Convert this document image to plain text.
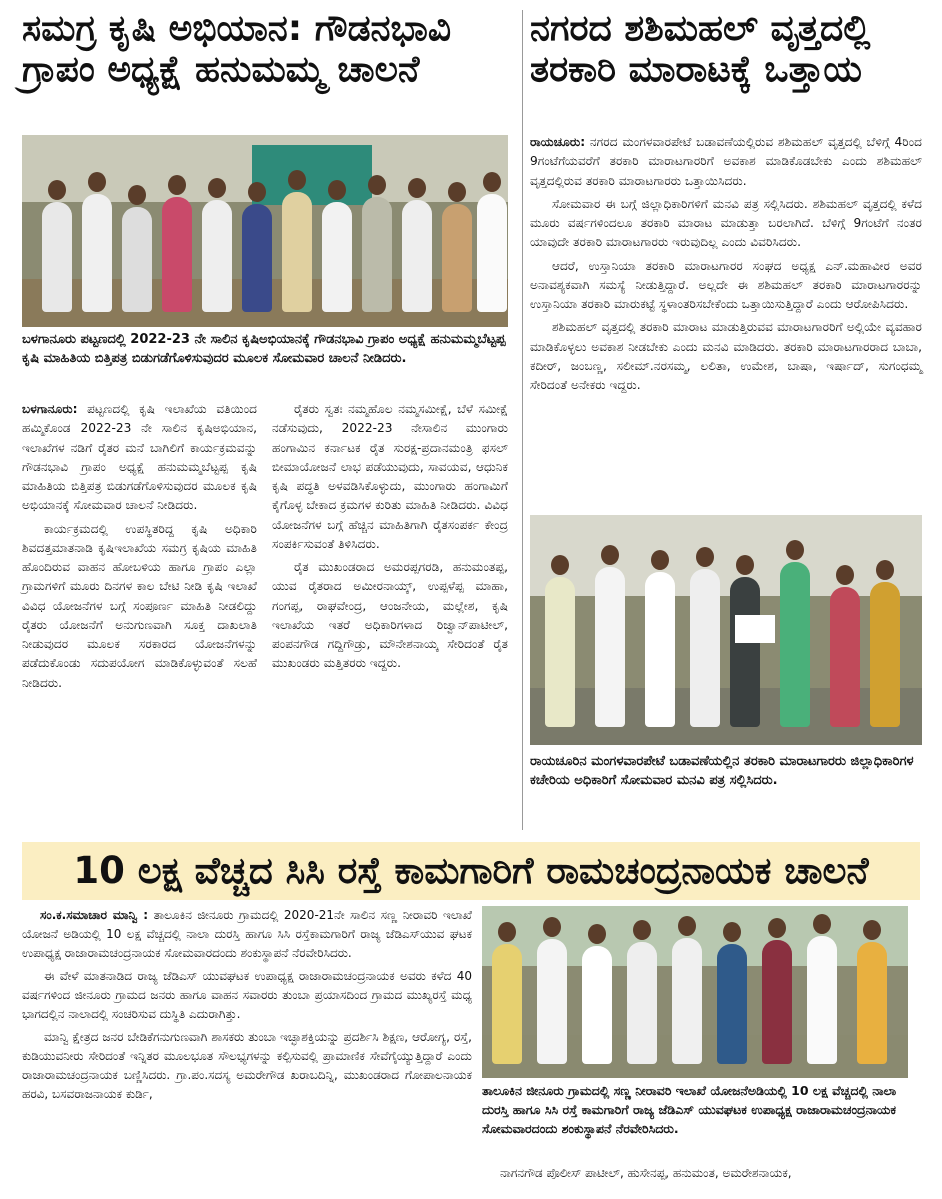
ಸಮಗ್ರ ಕೃಷಿ ಅಭಿಯಾನ: ಗೌಡನಭಾವಿ ಗ್ರಾಪಂ ಅಧ್ಯಕ್ಷೆ ಹನುಮಮ್ಮ ಚಾಲನೆ
ನಗರದ ಶಶಿಮಹಲ್ ವೃತ್ತದಲ್ಲಿ ತರಕಾರಿ ಮಾರಾಟಕ್ಕೆ ಒತ್ತಾಯ
ಬಳಗಾನೂರು ಪಟ್ಟಣದಲ್ಲಿ 2022-23 ನೇ ಸಾಲಿನ ಕೃಷಿಅಭಿಯಾನಕ್ಕೆ ಗೌಡನಭಾವಿ ಗ್ರಾಪಂ ಅಧ್ಯಕ್ಷೆ ಹನುಮಮ್ಮಬೆಟ್ಟಪ್ಪ ಕೃಷಿ ಮಾಹಿತಿಯ ಬಿತ್ತಿಪತ್ರ ಬಿಡುಗಡೆಗೊಳಿಸುವುದರ ಮೂಲಕ ಸೋಮವಾರ ಚಾಲನೆ ನೀಡಿದರು.

ಬಳಗಾನೂರು: ಪಟ್ಟಣದಲ್ಲಿ ಕೃಷಿ ಇಲಾಖೆಯ ವತಿಯಿಂದ ಹಮ್ಮಿಕೊಂಡ 2022-23 ನೇ ಸಾಲಿನ ಕೃಷಿಅಭಿಯಾನ, ಇಲಾಖೆಗಳ ನಡಿಗೆ ರೈತರ ಮನೆ ಬಾಗಿಲಿಗೆ ಕಾರ್ಯಕ್ರಮವನ್ನು ಗೌಡನಭಾವಿ ಗ್ರಾಪಂ ಅಧ್ಯಕ್ಷೆ ಹನುಮಮ್ಮಬೆಟ್ಟಪ್ಪ ಕೃಷಿ ಮಾಹಿತಿಯ ಬಿತ್ತಿಪತ್ರ ಬಿಡುಗಡೆಗೊಳಿಸುವುದರ ಮೂಲಕ ಕೃಷಿ ಅಭಿಯಾನಕ್ಕೆ ಸೋಮವಾರ ಚಾಲನೆ ನೀಡಿದರು.

ಕಾರ್ಯಕ್ರಮದಲ್ಲಿ ಉಪಸ್ಥಿತರಿದ್ದ ಕೃಷಿ ಅಧಿಕಾರಿ ಶಿವದತ್ತಮಾತನಾಡಿ ಕೃಷಿಇಲಾಖೆಯ ಸಮಗ್ರ ಕೃಷಿಯ ಮಾಹಿತಿ ಹೊಂದಿರುವ ವಾಹನ ಹೋಬಳಿಯ ಹಾಗೂ ಗ್ರಾಪಂ ಎಲ್ಲಾ ಗ್ರಾಮಗಳಿಗೆ ಮೂರು ದಿನಗಳ ಕಾಲ ಬೇಟಿ ನೀಡಿ ಕೃಷಿ ಇಲಾಖೆ ವಿವಿಧ ಯೋಜನೆಗಳ ಬಗ್ಗೆ ಸಂಪೂರ್ಣ ಮಾಹಿತಿ ನೀಡಲಿದ್ದು ರೈತರು ಯೋಜನೆಗೆ ಅನುಗುಣವಾಗಿ ಸೂಕ್ತ ದಾಖಲಾತಿ ನೀಡುವುದರ ಮೂಲಕ ಸರಕಾರದ ಯೋಜನೆಗಳನ್ನು ಪಡೆದುಕೊಂಡು ಸದುಪಯೋಗ ಮಾಡಿಕೊಳ್ಳುವಂತೆ ಸಲಹೆ ನೀಡಿದರು.

ರೈತರು ಸ್ವತಃ ನಮ್ಮಹೊಲ ನಮ್ಮಸಮೀಕ್ಷೆ, ಬೆಳೆ ಸಮೀಕ್ಷೆ ನಡೆಸುವುದು, 2022-23 ನೇಸಾಲಿನ ಮುಂಗಾರು ಹಂಗಾಮಿನ ಕರ್ನಾಟಕ ರೈತ ಸುರಕ್ಷ-ಪ್ರದಾನಮಂತ್ರಿ ಫಸಲ್ ಬೀಮಾಯೋಜನೆ ಲಾಭ ಪಡೆಯುವುದು, ಸಾವಯವ, ಆಧುನಿಕ ಕೃಷಿ ಪದ್ಧತಿ ಅಳವಡಿಸಿಕೊಳ್ಳುದು, ಮುಂಗಾರು ಹಂಗಾಮಿಗೆ ಕೈಗೊಳ್ಳ ಬೇಕಾದ ಕ್ರಮಗಳ ಕುರಿತು ಮಾಹಿತಿ ನೀಡಿದರು. ವಿವಿಧ ಯೋಜನೆಗಳ ಬಗ್ಗೆ ಹೆಚ್ಚಿನ ಮಾಹಿತಿಗಾಗಿ ರೈತಸಂಪರ್ಕ ಕೇಂದ್ರ ಸಂಪರ್ಕಿಸುವಂತೆ ತಿಳಿಸಿದರು.

ರೈತ ಮುಖಂಡರಾದ ಅಮರಪ್ಪಗರಡಿ, ಹನುಮಂತಪ್ಪ, ಯುವ ರೈತರಾದ ಅಮೀರನಾಯ್ಕ್, ಉಪ್ಪಳೆಪ್ಪ ಮಾಹಾ, ಗಂಗಪ್ಪ, ರಾಘವೇಂದ್ರ, ಆಂಜನೇಯ, ಮಲ್ಲೇಶ, ಕೃಷಿ ಇಲಾಖೆಯ ಇತರೆ ಅಧಿಕಾರಿಗಳಾದ ರಿಜ್ವಾನ್‌ಪಾಟೀಲ್, ಪಂಪನಗೌಡ ಗದ್ದಿಗೌಡ್ರು, ಮೌನೇಶನಾಯ್ಕ ಸೇರಿದಂತೆ ರೈತ ಮುಖಂಡರು ಮತ್ತಿತರರು ಇದ್ದರು.

ರಾಯಚೂರು: ನಗರದ ಮಂಗಳವಾರಪೇಟೆ ಬಡಾವಣೆಯಲ್ಲಿರುವ ಶಶಿಮಹಲ್ ವೃತ್ತದಲ್ಲಿ ಬೆಳಿಗ್ಗೆ 4ರಿಂದ 9ಗಂಟೆಗೆಯವರೆಗೆ ತರಕಾರಿ ಮಾರಾಟಗಾರರಿಗೆ ಅವಕಾಶ ಮಾಡಿಕೊಡಬೇಕು ಎಂದು ಶಶಿಮಹಲ್ ವೃತ್ತದಲ್ಲಿರುವ ತರಕಾರಿ ಮಾರಾಟಗಾರರು ಒತ್ತಾಯಿಸಿದರು.

ಸೋಮವಾರ ಈ ಬಗ್ಗೆ ಜಿಲ್ಲಾಧಿಕಾರಿಗಳಿಗೆ ಮನವಿ ಪತ್ರ ಸಲ್ಲಿಸಿದರು. ಶಶಿಮಹಲ್ ವೃತ್ತದಲ್ಲಿ ಕಳೆದ ಮೂರು ವರ್ಷಗಳಿಂದಲೂ ತರಕಾರಿ ಮಾರಾಟ ಮಾಡುತ್ತಾ ಬರಲಾಗಿದೆ. ಬೆಳಿಗ್ಗೆ 9ಗಂಟೆಗೆ ನಂತರ ಯಾವುದೇ ತರಕಾರಿ ಮಾರಾಟಗಾರರು ಇರುವುದಿಲ್ಲ ಎಂದು ವಿವರಿಸಿದರು.

ಆದರೆ, ಉಸ್ತಾನಿಯಾ ತರಕಾರಿ ಮಾರಾಟಗಾರರ ಸಂಘದ ಅಧ್ಯಕ್ಷ ಎನ್.ಮಹಾವೀರ ಅವರ ಅನಾವಶ್ಯಕವಾಗಿ ಸಮಸ್ಯೆ ನೀಡುತ್ತಿದ್ದಾರೆ. ಅಲ್ಲದೇ ಈ ಶಶಿಮಹಲ್ ತರಕಾರಿ ಮಾರಾಟಗಾರರನ್ನು ಉಸ್ತಾನಿಯಾ ತರಕಾರಿ ಮಾರುಕಟ್ಟೆ ಸ್ಥಳಾಂತರಿಸಬೇಕೆಂದು ಒತ್ತಾಯಿಸುತ್ತಿದ್ದಾರೆ ಎಂದು ಆರೋಪಿಸಿದರು.

ಶಶಿಮಹಲ್ ವೃತ್ತದಲ್ಲಿ ತರಕಾರಿ ಮಾರಾಟ ಮಾಡುತ್ತಿರುವವ ಮಾರಾಟಗಾರರಿಗೆ ಅಲ್ಲಿಯೇ ವ್ಯವಹಾರ ಮಾಡಿಕೊಳ್ಳಲು ಅವಕಾಶ ನೀಡಬೇಕು ಎಂದು ಮನವಿ ಮಾಡಿದರು. ತರಕಾರಿ ಮಾರಾಟಗಾರರಾದ ಬಾಬಾ, ಕದೀರ್, ಜಂಬಣ್ಣ, ಸಲೀಮ್.ನರಸಮ್ಮ, ಲಲಿತಾ, ಉಮೇಶ, ಬಾಷಾ, ಇರ್ಷಾದ್, ಸುಗಂಧಮ್ಮ ಸೇರಿದಂತೆ ಅನೇಕರು ಇದ್ದರು.

ರಾಯಚೂರಿನ ಮಂಗಳವಾರಪೇಟೆ ಬಡಾವಣೆಯಲ್ಲಿನ ತರಕಾರಿ ಮಾರಾಟಗಾರರು ಜಿಲ್ಲಾಧಿಕಾರಿಗಳ ಕಚೇರಿಯ ಅಧಿಕಾರಿಗೆ ಸೋಮವಾರ ಮನವಿ ಪತ್ರ ಸಲ್ಲಿಸಿದರು.
10 ಲಕ್ಷ ವೆಚ್ಚದ ಸಿಸಿ ರಸ್ತೆ ಕಾಮಗಾರಿಗೆ ರಾಮಚಂದ್ರನಾಯಕ ಚಾಲನೆ

ಸಂ.ಕ.ಸಮಾಚಾರ ಮಾನ್ವಿ : ತಾಲೂಕಿನ ಜೀನೂರು ಗ್ರಾಮದಲ್ಲಿ 2020-21ನೇ ಸಾಲಿನ ಸಣ್ಣ ನೀರಾವರಿ ಇಲಾಖೆ ಯೋಜನೆ ಅಡಿಯಲ್ಲಿ 10 ಲಕ್ಷ ವೆಚ್ಚದಲ್ಲಿ ನಾಲಾ ದುರಸ್ತಿ ಹಾಗೂ ಸಿಸಿ ರಸ್ತೆಕಾಮಗಾರಿಗೆ ರಾಜ್ಯ ಜೆಡಿಎಸ್‌ಯುವ ಘಟಕ ಉಪಾಧ್ಯಕ್ಷ ರಾಜಾರಾಮಚಂದ್ರನಾಯಕ ಸೋಮವಾರದಂದು ಶಂಕುಸ್ಥಾಪನೆ ನೆರವೇರಿಸಿದರು.

ಈ ವೇಳೆ ಮಾತನಾಡಿದ ರಾಜ್ಯ ಜೆಡಿಎಸ್ ಯುವಘಟಕ ಉಪಾಧ್ಯಕ್ಷ ರಾಜಾರಾಮಚಂದ್ರನಾಯಕ ಅವರು ಕಳೆದ 40 ವರ್ಷಗಳಿಂದ ಜೀನೂರು ಗ್ರಾಮದ ಜನರು ಹಾಗೂ ವಾಹನ ಸವಾರರು ತುಂಬಾ ಪ್ರಯಾಸದಿಂದ ಗ್ರಾಮದ ಮುಖ್ಯರಸ್ತೆ ಮಧ್ಯ ಭಾಗದಲ್ಲಿನ ನಾಲಾದಲ್ಲಿ ಸಂಚರಿಸುವ ದುಸ್ಥಿತಿ ಎದುರಾಗಿತ್ತು.

ಮಾನ್ವಿ ಕ್ಷೇತ್ರದ ಜನರ ಬೇಡಿಕೆಗನುಗುಣವಾಗಿ ಶಾಸಕರು ತುಂಬಾ ಇಚ್ಛಾಶಕ್ತಿಯನ್ನು ಪ್ರದರ್ಶಿಸಿ ಶಿಕ್ಷಣ, ಆರೋಗ್ಯ, ರಸ್ತೆ, ಕುಡಿಯುವನೀರು ಸೇರಿದಂತೆ ಇನ್ನಿತರ ಮೂಲಭೂತ ಸೌಲಭ್ಯಗಳನ್ನು ಕಲ್ಪಿಸುವಲ್ಲಿ ಪ್ರಾಮಾಣಿಕ ಸೇವೆಗೈಯ್ಯುತ್ತಿದ್ದಾರೆ ಎಂದು ರಾಜಾರಾಮಚಂದ್ರನಾಯಕ ಬಣ್ಣಿಸಿದರು. ಗ್ರಾ.ಪಂ.ಸದಸ್ಯ ಅಮರೇಗೌಡ ಖರಾಬದಿನ್ನಿ, ಮುಖಂಡರಾದ ಗೋಪಾಲನಾಯಕ ಹರವಿ, ಬಸವರಾಜನಾಯಕ ಕುರ್ಡಿ,	ತಾಲೂಕಿನ ಜೀನೂರು ಗ್ರಾಮದಲ್ಲಿ ಸಣ್ಣ ನೀರಾವರಿ ಇಲಾಖೆ ಯೋಜನೆಅಡಿಯಲ್ಲಿ 10 ಲಕ್ಷ ವೆಚ್ಚದಲ್ಲಿ ನಾಲಾ ದುರಸ್ತಿ ಹಾಗೂ ಸಿಸಿ ರಸ್ತೆ ಕಾಮಗಾರಿಗೆ ರಾಜ್ಯ ಜೆಡಿಎಸ್ ಯುವಘಟಕ ಉಪಾಧ್ಯಕ್ಷ ರಾಜಾರಾಮಚಂದ್ರನಾಯಕ ಸೋಮವಾರದಂದು ಶಂಕುಸ್ಥಾಪನೆ ನೆರವೇರಿಸಿದರು.

ನಾಗನಗೌಡ ಪೊಲೀಸ್ ಪಾಟೀಲ್, ಹುಸೇನಪ್ಪ, ಹನುಮಂತ, ಅಮರೇಶನಾಯಕ,
